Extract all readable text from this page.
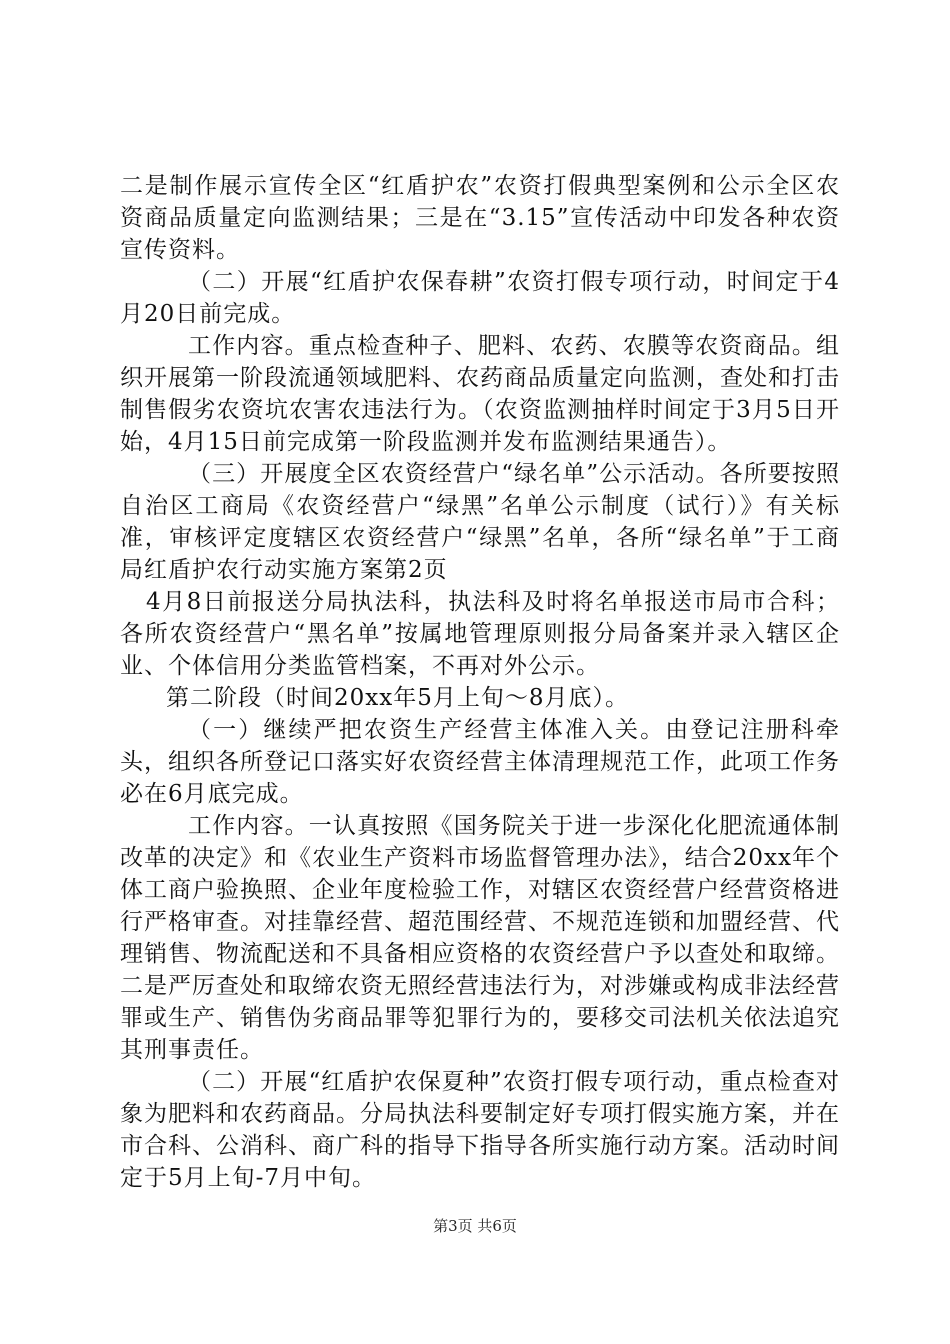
二是制作展示宣传全区“红盾护农”农资打假典型案例和公示全区农资商品质量定向监测结果；三是在“3.15”宣传活动中印发各种农资宣传资料。

（二）开展“红盾护农保春耕”农资打假专项行动，时间定于4月20日前完成。

工作内容。重点检查种子、肥料、农药、农膜等农资商品。组织开展第一阶段流通领域肥料、农药商品质量定向监测，查处和打击制售假劣农资坑农害农违法行为。（农资监测抽样时间定于3月5日开始，4月15日前完成第一阶段监测并发布监测结果通告）。

（三）开展度全区农资经营户“绿名单”公示活动。各所要按照自治区工商局《农资经营户“绿黑”名单公示制度（试行）》有关标准，审核评定度辖区农资经营户“绿黑”名单，各所“绿名单”于工商局红盾护农行动实施方案第2页

4月8日前报送分局执法科，执法科及时将名单报送市局市合科；各所农资经营户“黑名单”按属地管理原则报分局备案并录入辖区企业、个体信用分类监管档案，不再对外公示。

第二阶段（时间20xx年5月上旬～8月底）。

（一）继续严把农资生产经营主体准入关。由登记注册科牵头，组织各所登记口落实好农资经营主体清理规范工作，此项工作务必在6月底完成。

工作内容。一认真按照《国务院关于进一步深化化肥流通体制改革的决定》和《农业生产资料市场监督管理办法》，结合20xx年个体工商户验换照、企业年度检验工作，对辖区农资经营户经营资格进行严格审查。对挂靠经营、超范围经营、不规范连锁和加盟经营、代理销售、物流配送和不具备相应资格的农资经营户予以查处和取缔。二是严厉查处和取缔农资无照经营违法行为，对涉嫌或构成非法经营罪或生产、销售伪劣商品罪等犯罪行为的，要移交司法机关依法追究其刑事责任。

（二）开展“红盾护农保夏种”农资打假专项行动，重点检查对象为肥料和农药商品。分局执法科要制定好专项打假实施方案，并在市合科、公消科、商广科的指导下指导各所实施行动方案。活动时间定于5月上旬-7月中旬。

第3页 共6页
